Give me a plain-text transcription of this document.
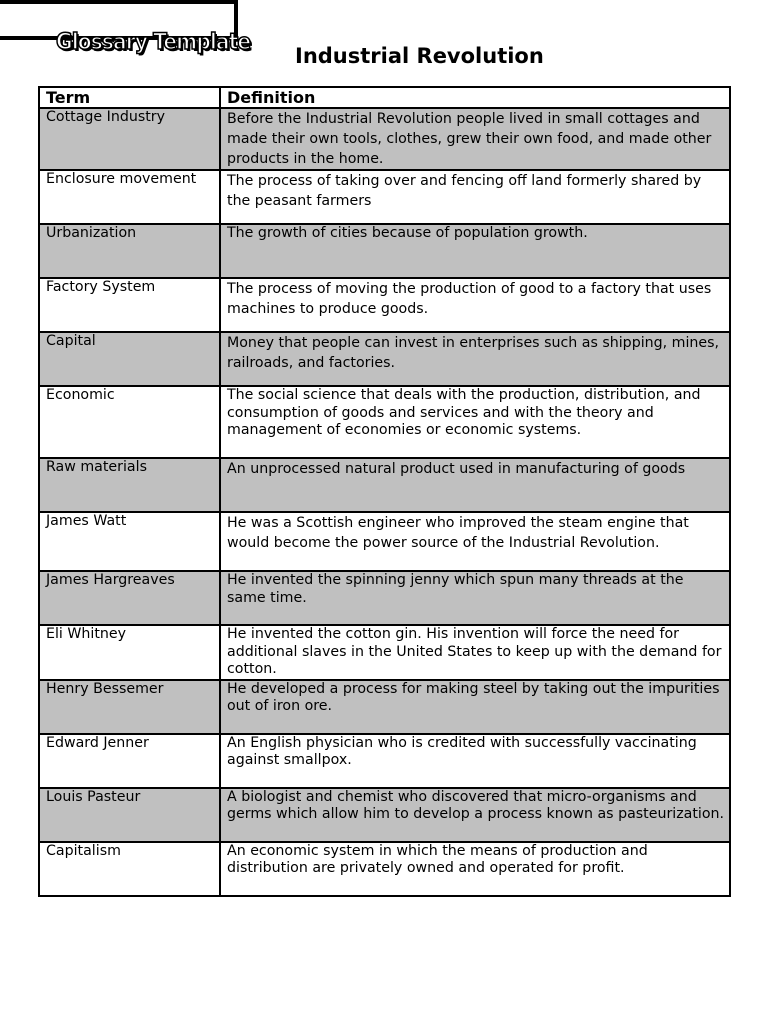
Glossary Template
Industrial Revolution
Term	Definition
Cottage Industry	Before the Industrial Revolution people lived in small cottages and made their own tools, clothes, grew their own food, and made other products in the home.
Enclosure movement	The process of taking over and fencing off land formerly shared by the peasant farmers
Urbanization	The growth of cities because of population growth.
Factory System	The process of moving the production of good to a factory that uses machines to produce goods.
Capital	Money that people can invest in enterprises such as shipping, mines, railroads, and factories.
Economic	The social science that deals with the production, distribution, and consumption of goods and services and with the theory and management of economies or economic systems.
Raw materials	An unprocessed natural product used in manufacturing of goods
James Watt	He was a Scottish engineer who improved the steam engine that would become the power source of the Industrial Revolution.
James Hargreaves	He invented the spinning jenny which spun many threads at the same time.
Eli Whitney	He invented the cotton gin. His invention will force the need for additional slaves in the United States to keep up with the demand for cotton.
Henry Bessemer	He developed a process for making steel by taking out the impurities out of iron ore.
Edward Jenner	An English physician who is credited with successfully vaccinating against smallpox.
Louis Pasteur	A biologist and chemist who discovered that micro-organisms and germs which allow him to develop a process known as pasteurization.
Capitalism	An economic system in which the means of production and distribution are privately owned and operated for profit.
